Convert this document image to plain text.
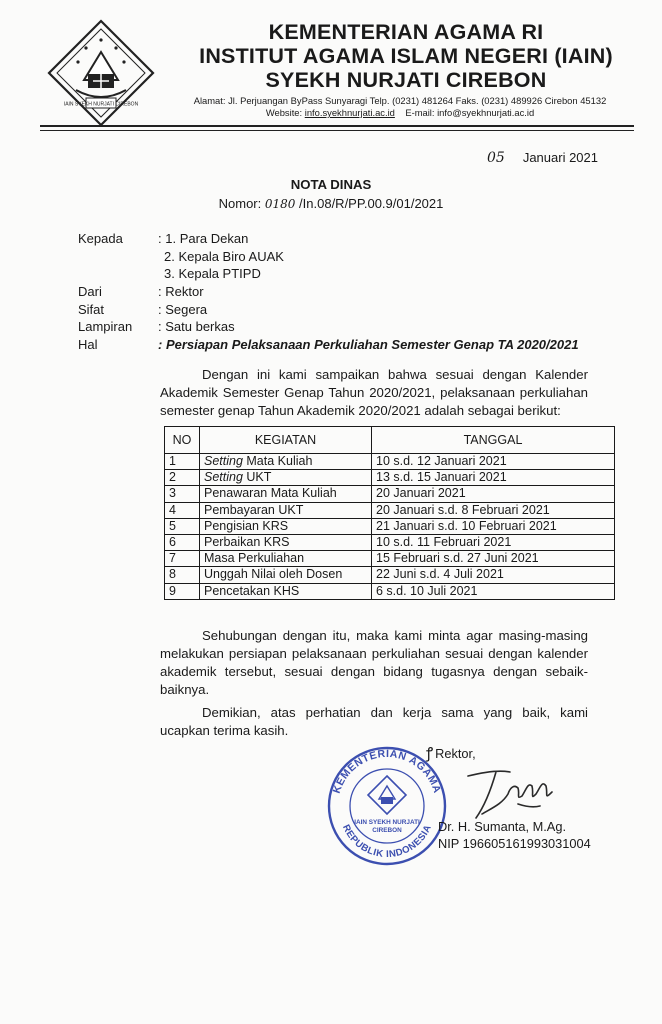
IAIN SYEKH NURJATI CIREBON
KEMENTERIAN AGAMA RI
INSTITUT AGAMA ISLAM NEGERI (IAIN)
SYEKH NURJATI CIREBON
Alamat: Jl. Perjuangan ByPass Sunyaragi Telp. (0231) 481264 Faks. (0231) 489926 Cirebon 45132
Website: info.syekhnurjati.ac.id E-mail: info@syekhnurjati.ac.id
05 Januari 2021
NOTA DINAS
Nomor: 0180 /In.08/R/PP.00.9/01/2021
Kepada	: 1. Para Dekan
2. Kepala Biro AUAK
3. Kepala PTIPD
Dari	: Rektor
Sifat	: Segera
Lampiran : Satu berkas
Hal	: Persiapan Pelaksanaan Perkuliahan Semester Genap TA 2020/2021
Dengan ini kami sampaikan bahwa sesuai dengan Kalender Akademik Semester Genap Tahun 2020/2021, pelaksanaan perkuliahan semester genap Tahun Akademik 2020/2021 adalah sebagai berikut:
NO	KEGIATAN	TANGGAL
1	Setting Mata Kuliah	10 s.d. 12 Januari 2021
2	Setting UKT	13 s.d. 15 Januari 2021
3	Penawaran Mata Kuliah	20 Januari 2021
4	Pembayaran UKT	20 Januari s.d. 8 Februari 2021
5	Pengisian KRS	21 Januari s.d. 10 Februari 2021
6	Perbaikan KRS	10 s.d. 11 Februari 2021
7	Masa Perkuliahan	15 Februari s.d. 27 Juni 2021
8	Unggah Nilai oleh Dosen	22 Juni s.d. 4 Juli 2021
9	Pencetakan KHS	6 s.d. 10 Juli 2021
Sehubungan dengan itu, maka kami minta agar masing-masing melakukan persiapan pelaksanaan perkuliahan sesuai dengan kalender akademik tersebut, sesuai dengan bidang tugasnya dengan sebaik-baiknya.
Demikian, atas perhatian dan kerja sama yang baik, kami ucapkan terima kasih.
ꝭ Rektor,
KEMENTERIAN AGAMA
REPUBLIK INDONESIA
IAIN SYEKH NURJATI
CIREBON	Dr. H. Sumanta, M.Ag.
NIP 196605161993031004
